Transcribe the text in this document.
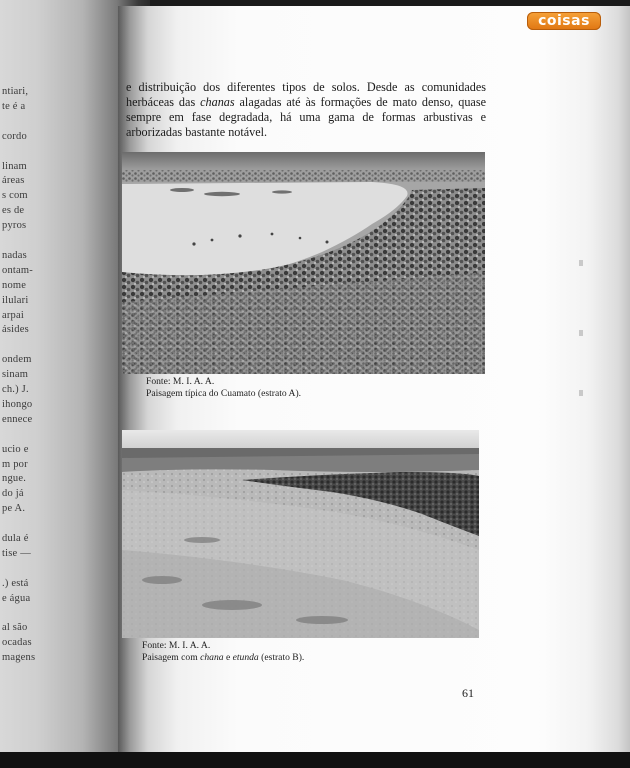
ntiari,
te é a
cordo
linam
áreas
s com
es de
pyros
nadas
ontam-
nome
ilulari
arpai
ásides
ondem
sinam
ch.) J.
ihongo
ennece
ucio e
m por
ngue.
do já
pe A.
dula é
tise —
.) está
e água
al são
ocadas
magens
coisas

e distribuição dos diferentes tipos de solos. Desde as comunidades herbáceas das chanas alagadas até às formações de mato denso, quase sempre em fase degradada, há uma gama de formas arbustivas e arborizadas bastante notável.

Fonte: M. I. A. A.
Paisagem típica do Cuamato (estrato A).
Fonte: M. I. A. A.
Paisagem com chana e etunda (estrato B).
61
